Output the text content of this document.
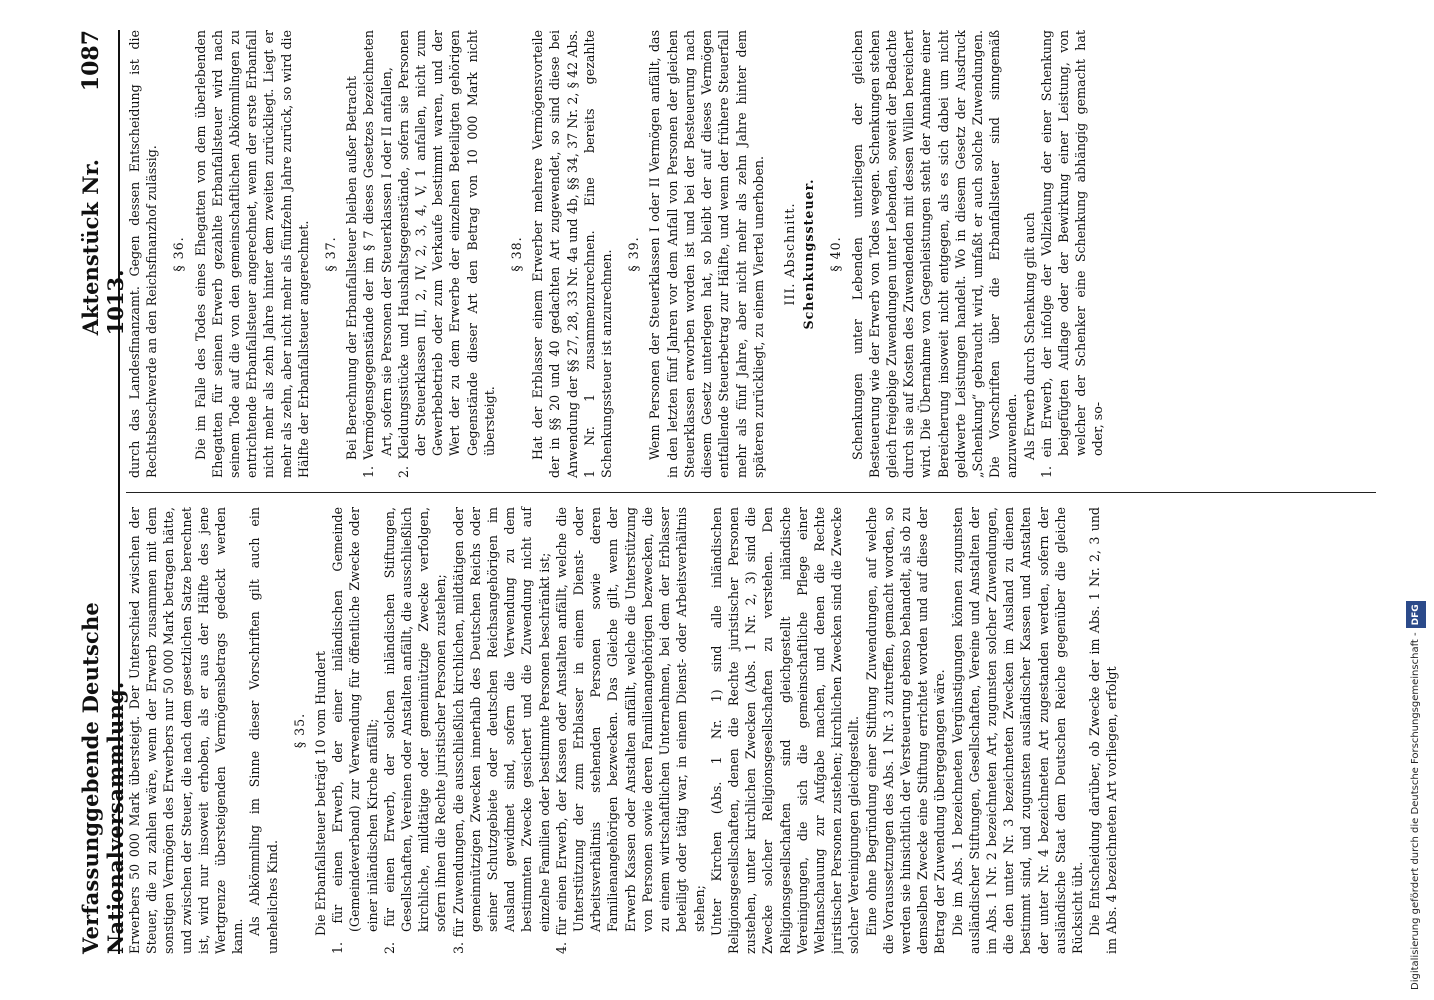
Verfassunggebende Deutsche Nationalversammlung.
Aktenstück Nr. 1013.
1087

Erwerbers 50 000 Mark übersteigt. Der Unterschied zwischen der Steuer, die zu zahlen wäre, wenn der Erwerb zusammen mit dem sonstigen Vermögen des Erwerbers nur 50 000 Mark betragen hätte, und zwischen der Steuer, die nach dem gesetzlichen Satze berechnet ist, wird nur insoweit erhoben, als er aus der Hälfte des jene Wertgrenze übersteigenden Vermögensbetrags gedeckt werden kann.

Als Abkömmling im Sinne dieser Vorschriften gilt auch ein uneheliches Kind.

§ 35. Die Erbanfallsteuer beträgt 10 vom Hundert 1. für einen Erwerb, der einer inländischen Gemeinde (Gemeindeverband) zur Verwendung für öffentliche Zwecke oder einer inländischen Kirche anfällt; 2. für einen Erwerb, der solchen inländischen Stiftungen, Gesellschaften, Vereinen oder Anstalten anfällt, die ausschließlich kirchliche, mildtätige oder gemeinnützige Zwecke verfolgen, sofern ihnen die Rechte juristischer Personen zustehen; 3. für Zuwendungen, die ausschließlich kirchlichen, mildtätigen oder gemeinnützigen Zwecken innerhalb des Deutschen Reichs oder seiner Schutzgebiete oder deutschen Reichsangehörigen im Ausland gewidmet sind, sofern die Verwendung zu dem bestimmten Zwecke gesichert und die Zuwendung nicht auf einzelne Familien oder bestimmte Personen beschränkt ist; 4. für einen Erwerb, der Kassen oder Anstalten anfällt, welche die Unterstützung der zum Erblasser in einem Dienst- oder Arbeitsverhältnis stehenden Personen sowie deren Familienangehörigen bezwecken. Das Gleiche gilt, wenn der Erwerb Kassen oder Anstalten anfällt, welche die Unterstützung von Personen sowie deren Familienangehörigen bezwecken, die zu einem wirtschaftlichen Unternehmen, bei dem der Erblasser beteiligt oder tätig war, in einem Dienst- oder Arbeitsverhältnis stehen; Unter Kirchen (Abs. 1 Nr. 1) sind alle inländischen Religionsgesellschaften, denen die Rechte juristischer Personen zustehen, unter kirchlichen Zwecken (Abs. 1 Nr. 2, 3) sind die Zwecke solcher Religionsgesellschaften zu verstehen. Den Religionsgesellschaften sind gleichgestellt inländische Vereinigungen, die sich die gemeinschaftliche Pflege einer Weltanschauung zur Aufgabe machen, und denen die Rechte juristischer Personen zustehen; kirchlichen Zwecken sind die Zwecke solcher Vereinigungen gleichgestellt. Eine ohne Begründung einer Stiftung Zuwendungen, auf welche die Voraussetzungen des Abs. 1 Nr. 3 zutreffen, gemacht worden, so werden sie hinsichtlich der Versteuerung ebenso behandelt, als ob zu demselben Zwecke eine Stiftung errichtet worden und auf diese der Betrag der Zuwendung übergegangen wäre. Die im Abs. 1 bezeichneten Vergünstigungen können zugunsten ausländischer Stiftungen, Gesellschaften, Vereine und Anstalten der im Abs. 1 Nr. 2 bezeichneten Art, zugunsten solcher Zuwendungen, die den unter Nr. 3 bezeichneten Zwecken im Ausland zu dienen bestimmt sind, und zugunsten ausländischer Kassen und Anstalten der unter Nr. 4 bezeichneten Art zugestanden werden, sofern der ausländische Staat dem Deutschen Reiche gegenüber die gleiche Rücksicht übt. Die Entscheidung darüber, ob Zwecke der im Abs. 1 Nr. 2, 3 und im Abs. 4 bezeichneten Art vorliegen, erfolgt

durch das Landesfinanzamt. Gegen dessen Entscheidung ist die Rechtsbeschwerde an den Reichsfinanzhof zulässig. § 36. Die im Falle des Todes eines Ehegatten von dem überlebenden Ehegatten für seinen Erwerb gezahlte Erbanfallsteuer wird nach seinem Tode auf die von den gemeinschaftlichen Abkömmlingen zu entrichtende Erbanfallsteuer angerechnet, wenn der erste Erbanfall nicht mehr als zehn Jahre hinter dem zweiten zurückliegt. Liegt er mehr als zehn, aber nicht mehr als fünfzehn Jahre zurück, so wird die Hälfte der Erbanfallsteuer angerechnet. § 37. Bei Berechnung der Erbanfallsteuer bleiben außer Betracht 1. Vermögensgegenstände der im § 7 dieses Gesetzes bezeichneten Art, sofern sie Personen der Steuerklassen I oder II anfallen, 2. Kleidungsstücke und Haushaltsgegenstände, sofern sie Personen der Steuerklassen III, 2, IV, 2, 3, 4, V, 1 anfallen, nicht zum Gewerbebetrieb oder zum Verkaufe bestimmt waren, und der Wert der zu dem Erwerbe der einzelnen Beteiligten gehörigen Gegenstände dieser Art den Betrag von 10 000 Mark nicht übersteigt.

§ 38. Hat der Erblasser einem Erwerber mehrere Vermögensvorteile der in §§ 20 und 40 gedachten Art zugewendet, so sind diese bei Anwendung der §§ 27, 28, 33 Nr. 4a und 4b, §§ 34, 37 Nr. 2, § 42 Abs. 1 Nr. 1 zusammenzurechnen. Eine bereits gezahlte Schenkungssteuer ist anzurechnen. § 39. Wenn Personen der Steuerklassen I oder II Vermögen anfällt, das in den letzten fünf Jahren vor dem Anfall von Personen der gleichen Steuerklassen erworben worden ist und bei der Besteuerung nach diesem Gesetz unterlegen hat, so bleibt der auf dieses Vermögen entfallende Steuerbetrag zur Hälfte, und wenn der frühere Steuerfall mehr als fünf Jahre, aber nicht mehr als zehn Jahre hinter dem späteren zurückliegt, zu einem Viertel unerhoben. III. Abschnitt. Schenkungssteuer. § 40. Schenkungen unter Lebenden unterliegen der gleichen Besteuerung wie der Erwerb von Todes wegen. Schenkungen stehen gleich freigebige Zuwendungen unter Lebenden, soweit der Bedachte durch sie auf Kosten des Zuwendenden mit dessen Willen bereichert wird. Die Übernahme von Gegenleistungen steht der Annahme einer Bereicherung insoweit nicht entgegen, als es sich dabei um nicht geldwerte Leistungen handelt. Wo in diesem Gesetz der Ausdruck „Schenkung“ gebraucht wird, umfaßt er auch solche Zuwendungen. Die Vorschriften über die Erbanfallsteuer sind sinngemäß anzuwenden. Als Erwerb durch Schenkung gilt auch 1. ein Erwerb, der infolge der Vollziehung der einer Schenkung beigefügten Auflage oder der Bewirkung einer Leistung, von welcher der Schenker eine Schenkung abhängig gemacht hat oder, so-

Digitalisierung gefördert durch die Deutsche Forschungsgemeinschaft -DFG
